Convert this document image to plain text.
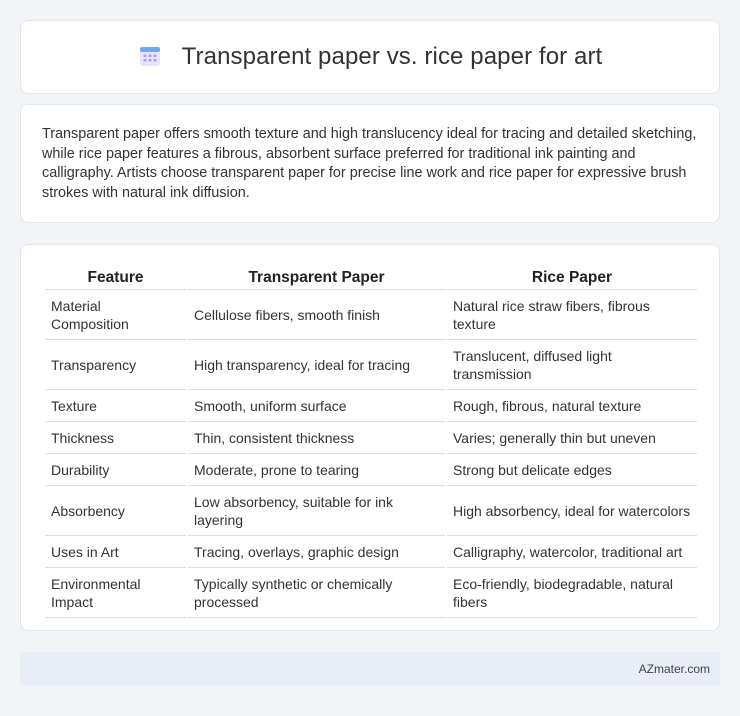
Transparent paper vs. rice paper for art

Transparent paper offers smooth texture and high translucency ideal for tracing and detailed sketching, while rice paper features a fibrous, absorbent surface preferred for traditional ink painting and calligraphy. Artists choose transparent paper for precise line work and rice paper for expressive brush strokes with natural ink diffusion.

Feature	Transparent Paper	Rice Paper
Material Composition	Cellulose fibers, smooth finish	Natural rice straw fibers, fibrous texture
Transparency	High transparency, ideal for tracing	Translucent, diffused light transmission
Texture	Smooth, uniform surface	Rough, fibrous, natural texture
Thickness	Thin, consistent thickness	Varies; generally thin but uneven
Durability	Moderate, prone to tearing	Strong but delicate edges
Absorbency	Low absorbency, suitable for ink layering	High absorbency, ideal for watercolors
Uses in Art	Tracing, overlays, graphic design	Calligraphy, watercolor, traditional art
Environmental Impact	Typically synthetic or chemically processed	Eco-friendly, biodegradable, natural fibers
AZmater.com
